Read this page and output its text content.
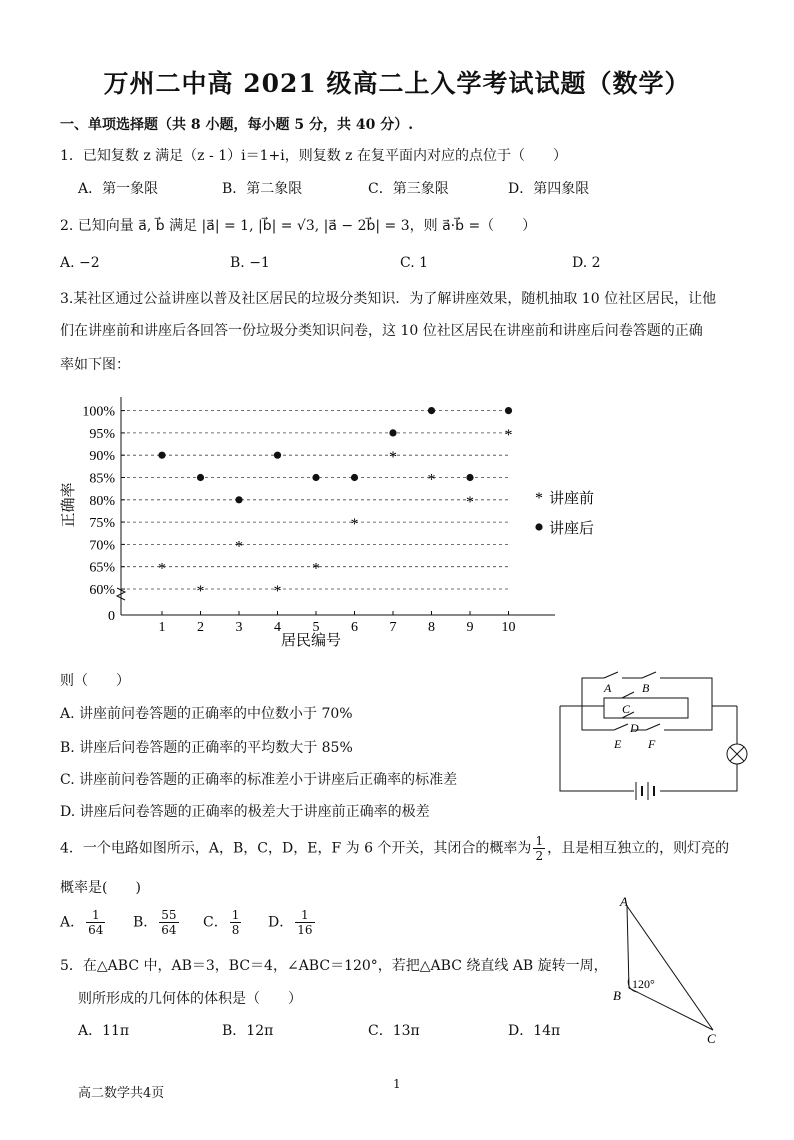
万州二中高 2021 级高二上入学考试试题（数学）
一、单项选择题（共 8 小题，每小题 5 分，共 40 分）.
1．已知复数 z 满足（z - 1）i＝1+i，则复数 z 在复平面内对应的点位于（　　）
A．第一象限	B．第二象限	C．第三象限	D．第四象限
2. 已知向量 a⃗, b⃗ 满足 |a⃗| = 1, |b⃗| = √3, |a⃗ − 2b⃗| = 3，则 a⃗·b⃗ =（　　）
A. −2	B. −1	C. 1	D. 2
3.某社区通过公益讲座以普及社区居民的垃圾分类知识．为了解讲座效果，随机抽取 10 位社区居民，让他
们在讲座前和讲座后各回答一份垃圾分类知识问卷，这 10 位社区居民在讲座前和讲座后问卷答题的正确
率如下图：
0
60%
65%
70%
75%
80%
85%
90%
95%
100%
1 2 3 4 5 6 7 8 9 10
正确率
居民编号
*
*
*
*
*
*
*
*
*
*
* 讲座前
讲座后
则（　　）
A. 讲座前问卷答题的正确率的中位数小于 70%
B. 讲座后问卷答题的正确率的平均数大于 85%
C. 讲座前问卷答题的正确率的标准差小于讲座后正确率的标准差
D. 讲座后问卷答题的正确率的极差大于讲座前正确率的极差
A	B
C
D
E F
4．一个电路如图所示，A，B，C，D，E，F 为 6 个开关，其闭合的概率为 $\frac{1}{2}$ ，且是相互独立的，则灯亮的
概率是(　　)
A． $\frac{1}{64}$ B． $\frac{55}{64}$ C． $\frac{1}{8}$ D． $\frac{1}{16}$
5．在△ABC 中，AB＝3，BC＝4，∠ABC＝120°，若把△ABC 绕直线 AB 旋转一周，
则所形成的几何体的体积是（　　）
A．11π	B．12π	C．13π	D．14π
A
B
C
120°
高二数学共4页
1
